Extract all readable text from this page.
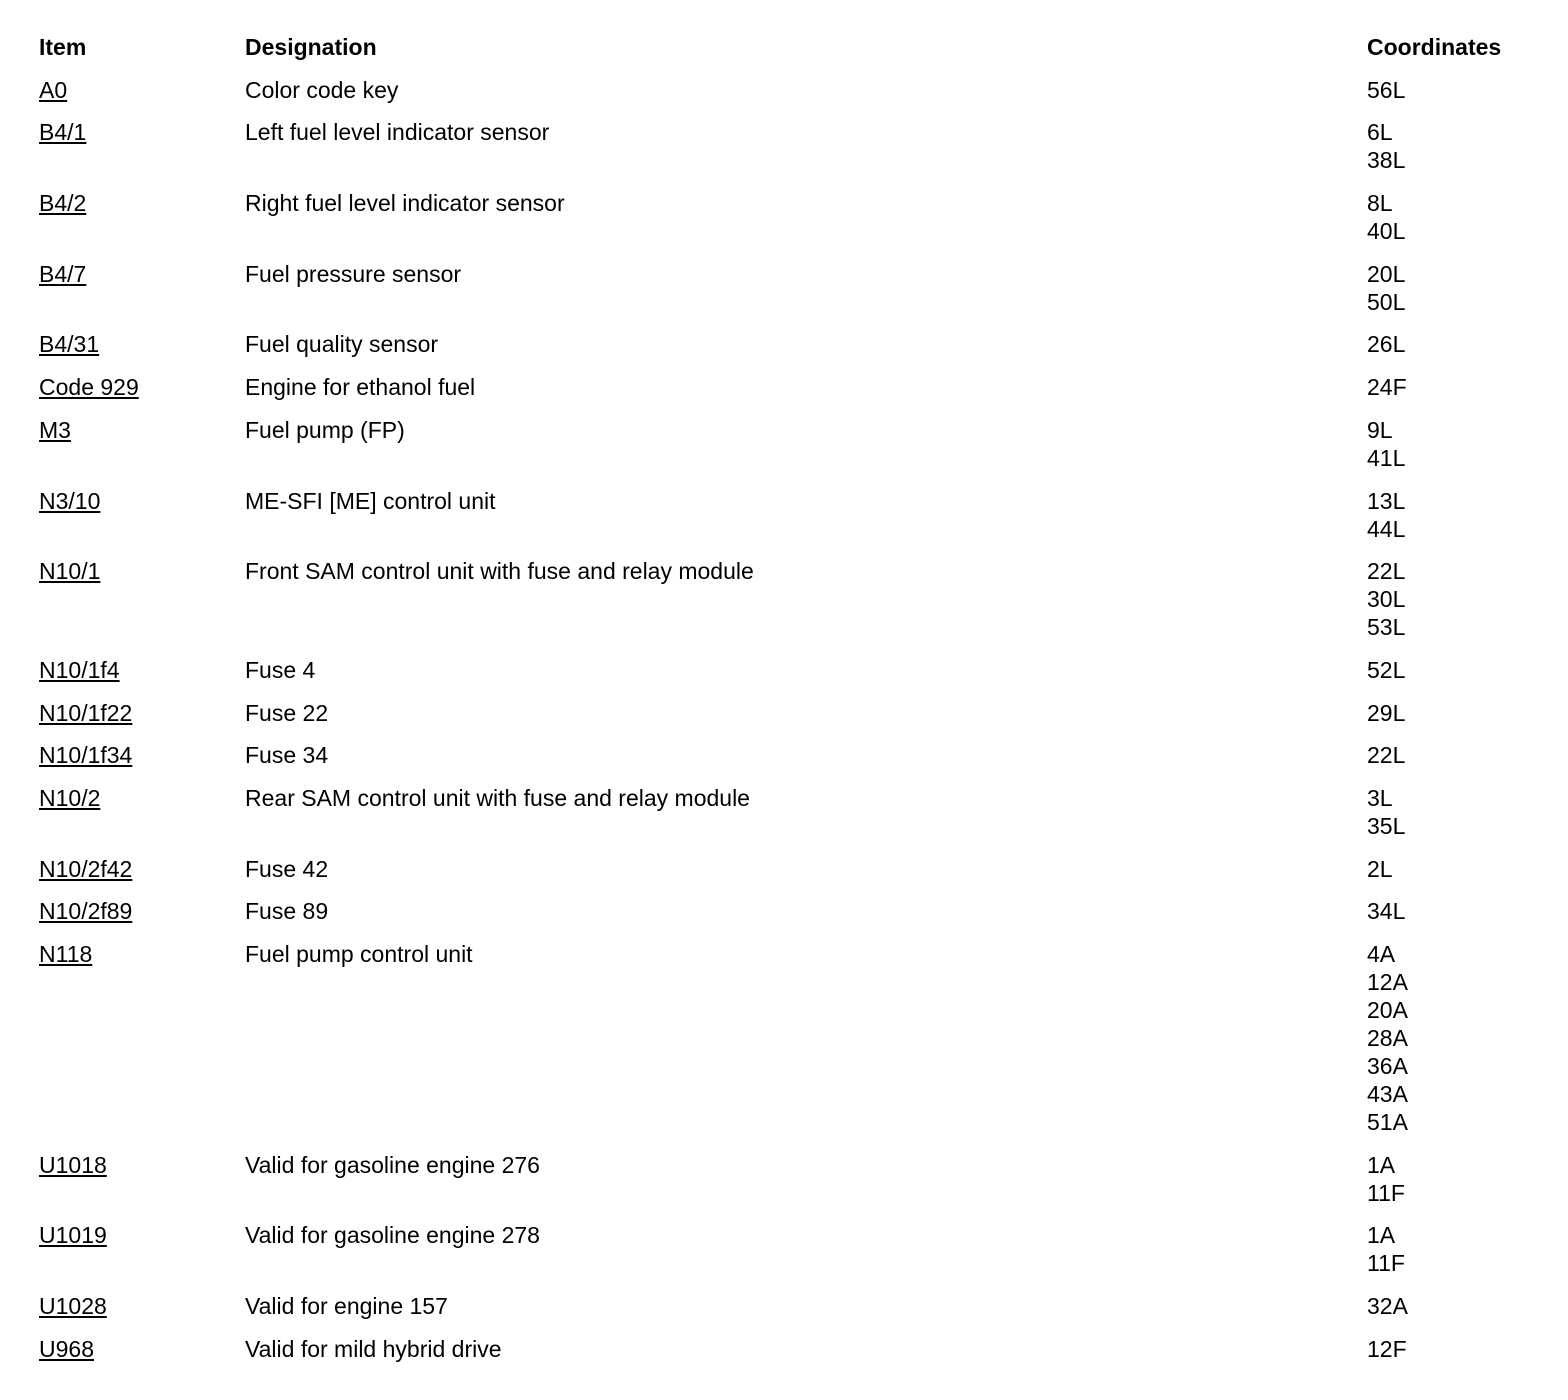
Item	Designation	Coordinates
A0	Color code key	56L
B4/1	Left fuel level indicator sensor	6L
38L
B4/2	Right fuel level indicator sensor	8L
40L
B4/7	Fuel pressure sensor	20L
50L
B4/31	Fuel quality sensor	26L
Code 929	Engine for ethanol fuel	24F
M3	Fuel pump (FP)	9L
41L
N3/10	ME-SFI [ME] control unit	13L
44L
N10/1	Front SAM control unit with fuse and relay module	22L
30L
53L
N10/1f4	Fuse 4	52L
N10/1f22	Fuse 22	29L
N10/1f34	Fuse 34	22L
N10/2	Rear SAM control unit with fuse and relay module	3L
35L
N10/2f42	Fuse 42	2L
N10/2f89	Fuse 89	34L
N118	Fuel pump control unit	4A
12A
20A
28A
36A
43A
51A
U1018	Valid for gasoline engine 276	1A
11F
U1019	Valid for gasoline engine 278	1A
11F
U1028	Valid for engine 157	32A
U968	Valid for mild hybrid drive	12F
